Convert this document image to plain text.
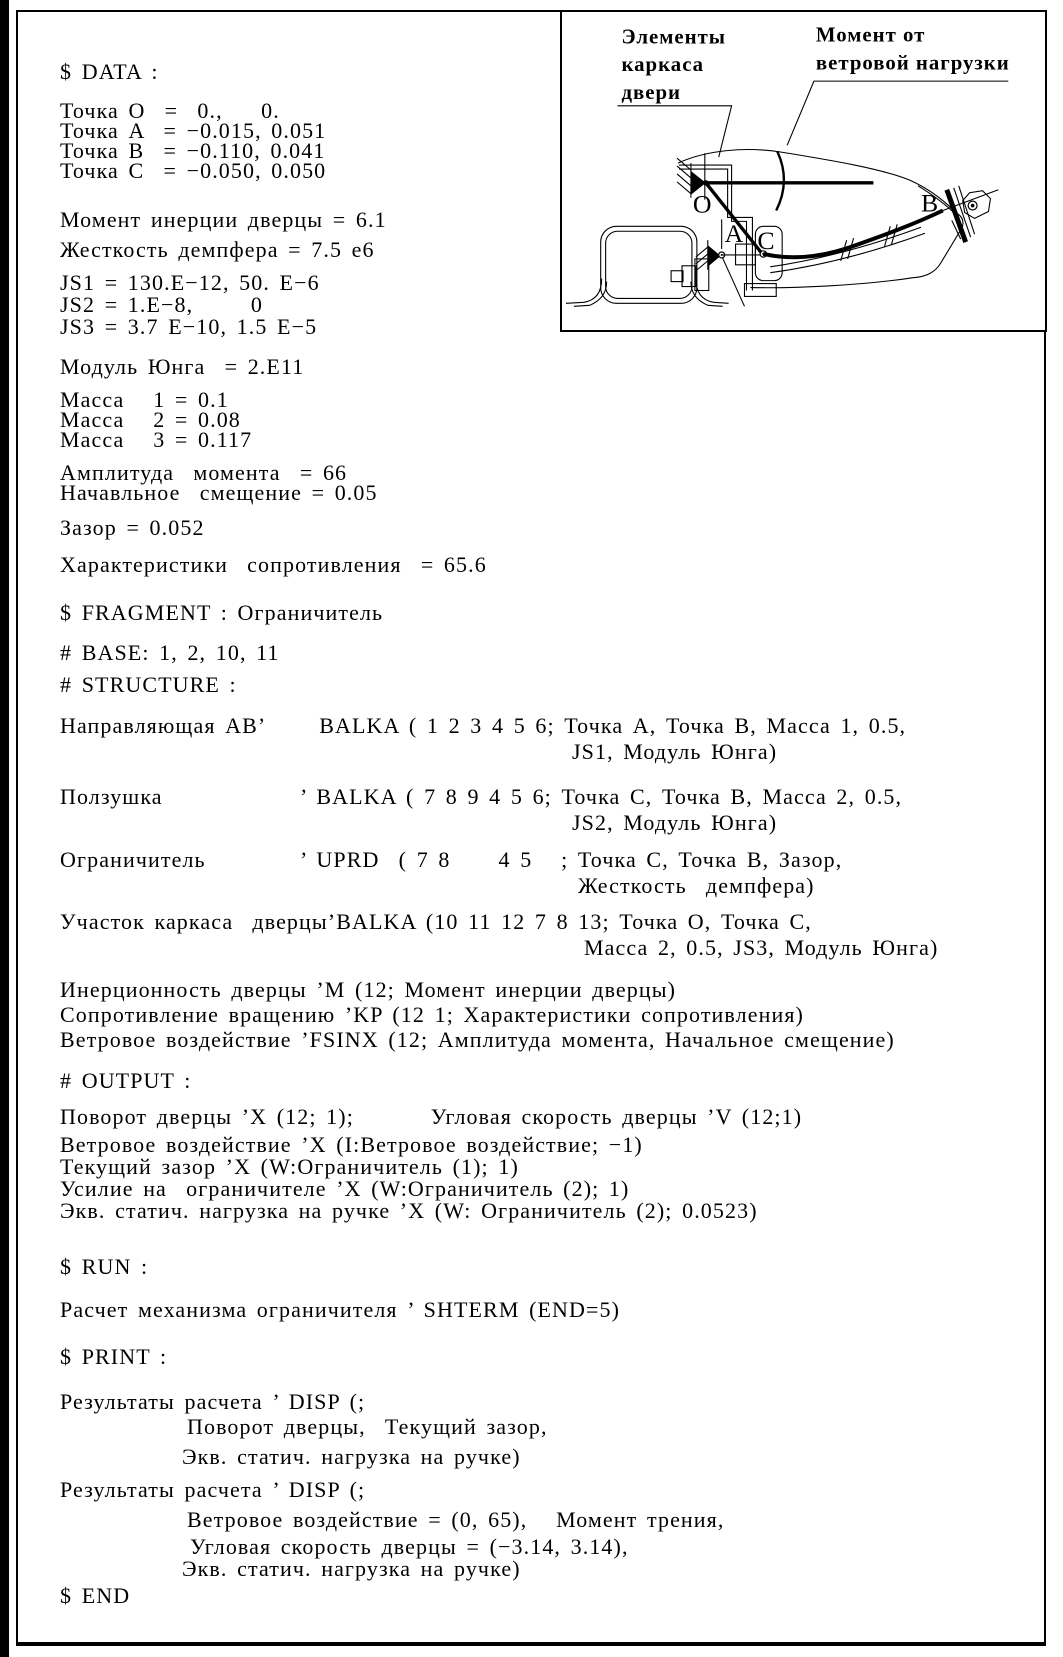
$ DATA :
Точка O  =  0.,    0.
Точка A  = −0.015, 0.051
Точка B  = −0.110, 0.041
Точка C  = −0.050, 0.050
Момент инерции дверцы = 6.1
Жесткость демпфера = 7.5 e6
JS1 = 130.E−12, 50. E−6
JS2 = 1.E−8,      0
JS3 = 3.7 E−10, 1.5 E−5
Модуль Юнга  = 2.E11
Масса   1 = 0.1
Масса   2 = 0.08
Масса   3 = 0.117
Амплитуда  момента  = 66
Начавльное  смещение = 0.05
Зазор = 0.052
Характеристики  сопротивления  = 65.6
$ FRAGMENT : Ограничитель
# BASE: 1, 2, 10, 11
# STRUCTURE :
Направляющая AB’  BALKA ( 1 2 3 4 5 6; Точка A, Точка B, Масса 1, 0.5,
JS1, Модуль Юнга)
Ползушка	’ BALKA ( 7 8 9 4 5 6; Точка C, Точка B, Масса 2, 0.5,
JS2, Модуль Юнга)
Ограничитель	’ UPRD  ( 7 8     4 5   ; Точка C, Точка B, Зазор,
Жесткость  демпфера)
Участок каркаса  дверцы’BALKA (10 11 12 7 8 13; Точка O, Точка C,
Масса 2, 0.5, JS3, Модуль Юнга)
Инерционность дверцы ’M (12; Момент инерции дверцы)
Сопротивление вращению ’KP (12 1; Характеристики сопротивления)
Ветровое воздействие ’FSINX (12; Амплитуда момента, Начальное смещение)
# OUTPUT :
Поворот дверцы ’X (12; 1);        Угловая скорость дверцы ’V (12;1)
Ветровое воздействие ’X (I:Ветровое воздействие; −1)
Текущий зазор ’X (W:Ограничитель (1); 1)
Усилие на  ограничителе ’X (W:Ограничитель (2); 1)
Экв. статич. нагрузка на ручке ’X (W: Ограничитель (2); 0.0523)
$ RUN :
Расчет механизма ограничителя ’ SHTERM (END=5)
$ PRINT :
Результаты расчета ’ DISP (;
Поворот дверцы,  Текущий зазор,
Экв. статич. нагрузка на ручке)
Результаты расчета ’ DISP (;
Ветровое воздействие = (0, 65),   Момент трения,
Угловая скорость дверцы = (−3.14, 3.14),
Экв. статич. нагрузка на ручке)
$ END
Элементы
каркаса
двери
Момент от
ветровой нагрузки
O
A C
B
